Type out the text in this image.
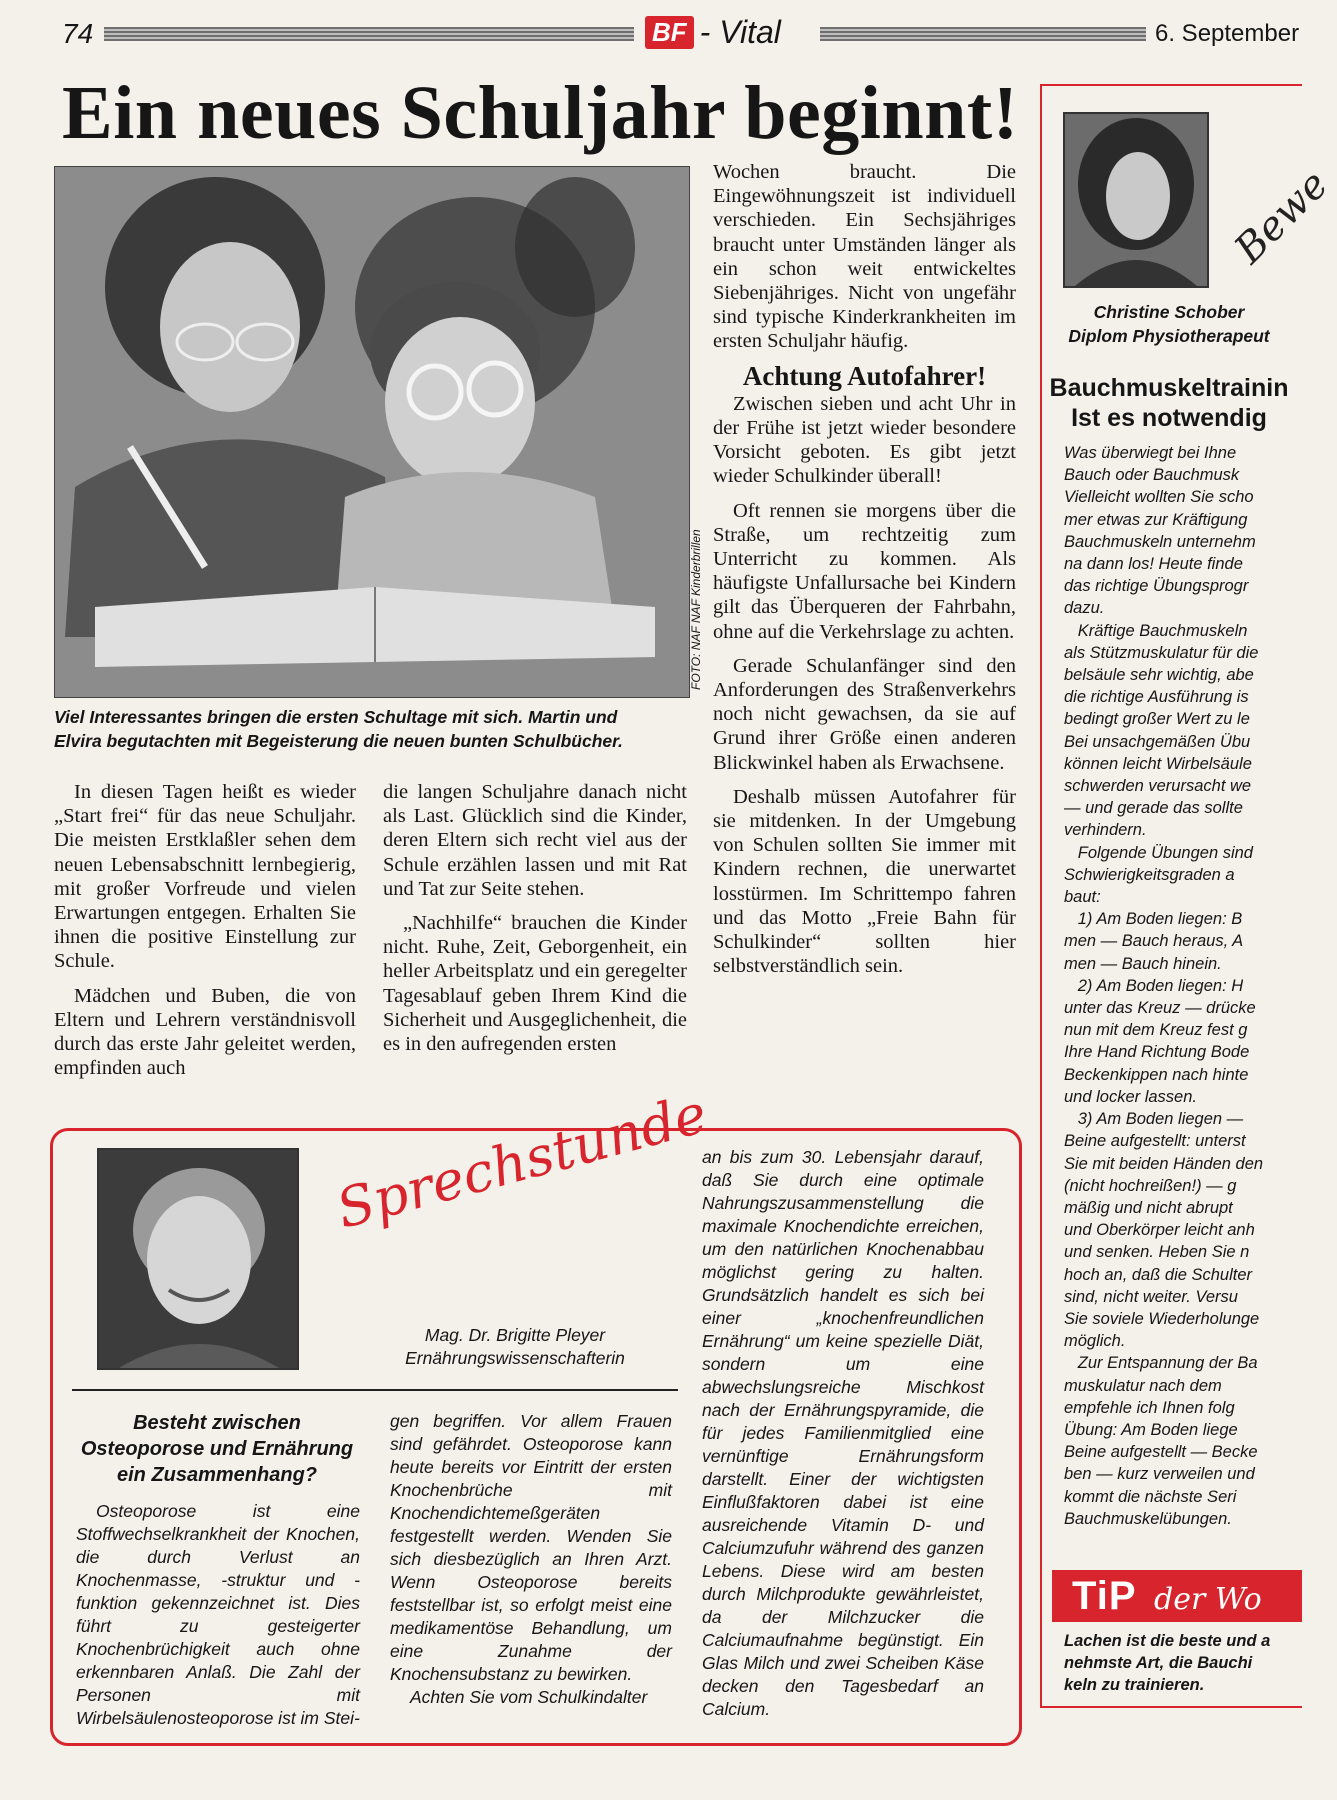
74	BF - Vital	6. September
Ein neues Schuljahr beginnt!
FOTO: NAF NAF Kinderbrillen
Viel Interessantes bringen die ersten Schultage mit sich. Martin und
Elvira begutachten mit Begeisterung die neuen bunten Schulbücher.

In diesen Tagen heißt es wieder „Start frei“ für das neue Schuljahr. Die meisten Erstklaßler sehen dem neuen Lebensabschnitt lernbegierig, mit großer Vorfreude und vielen Erwartungen entgegen. Erhalten Sie ihnen die positive Einstellung zur Schule.

Mädchen und Buben, die von Eltern und Lehrern verständnisvoll durch das erste Jahr geleitet werden, empfinden auch

die langen Schuljahre danach nicht als Last. Glücklich sind die Kinder, deren Eltern sich recht viel aus der Schule erzählen lassen und mit Rat und Tat zur Seite stehen.

„Nachhilfe“ brauchen die Kinder nicht. Ruhe, Zeit, Geborgenheit, ein heller Arbeitsplatz und ein geregelter Tagesablauf geben Ihrem Kind die Sicherheit und Ausgeglichenheit, die es in den aufregenden ersten

Wochen braucht. Die Eingewöhnungszeit ist individuell verschieden. Ein Sechsjähriges braucht unter Umständen länger als ein schon weit entwickeltes Siebenjähriges. Nicht von ungefähr sind typische Kinderkrankheiten im ersten Schuljahr häufig.

Achtung Autofahrer!

Zwischen sieben und acht Uhr in der Frühe ist jetzt wieder besondere Vorsicht geboten. Es gibt jetzt wieder Schulkinder überall!

Oft rennen sie morgens über die Straße, um rechtzeitig zum Unterricht zu kommen. Als häufigste Unfallursache bei Kindern gilt das Überqueren der Fahrbahn, ohne auf die Verkehrslage zu achten.

Gerade Schulanfänger sind den Anforderungen des Straßenverkehrs noch nicht gewachsen, da sie auf Grund ihrer Größe einen anderen Blickwinkel haben als Erwachsene.

Deshalb müssen Autofahrer für sie mitdenken. In der Umgebung von Schulen sollten Sie immer mit Kindern rechnen, die unerwartet losstürmen. Im Schrittempo fahren und das Motto „Freie Bahn für Schulkinder“ sollten hier selbstverständlich sein.

Bewe
Christine Schober
Diplom Physiotherapeut
Bauchmuskeltrainin
Ist es notwendig
Was überwiegt bei Ihne
Bauch oder Bauchmusk
Vielleicht wollten Sie scho
mer etwas zur Kräftigung
Bauchmuskeln unternehm
na dann los! Heute finde
das richtige Übungsprogr
dazu.
Kräftige Bauchmuskeln
als Stützmuskulatur für die
belsäule sehr wichtig, abe
die richtige Ausführung is
bedingt großer Wert zu le
Bei unsachgemäßen Übu
können leicht Wirbelsäule
schwerden verursacht we
— und gerade das sollte
verhindern.
Folgende Übungen sind
Schwierigkeitsgraden a
baut:
1) Am Boden liegen: B
men — Bauch heraus, A
men — Bauch hinein.
2) Am Boden liegen: H
unter das Kreuz — drücke
nun mit dem Kreuz fest g
Ihre Hand Richtung Bode
Beckenkippen nach hinte
und locker lassen.
3) Am Boden liegen —
Beine aufgestellt: unterst
Sie mit beiden Händen den
(nicht hochreißen!) — g
mäßig und nicht abrupt
und Oberkörper leicht anh
und senken. Heben Sie n
hoch an, daß die Schulter
sind, nicht weiter. Versu
Sie soviele Wiederholunge
möglich.
Zur Entspannung der Ba
muskulatur nach dem
empfehle ich Ihnen folg
Übung: Am Boden liege
Beine aufgestellt — Becke
ben — kurz verweilen und
kommt die nächste Seri
Bauchmuskelübungen.
TiP der Wo
Lachen ist die beste und a
nehmste Art, die Bauchi
keln zu trainieren.
Sprechstunde
Mag. Dr. Brigitte Pleyer
Ernährungswissenschafterin
Besteht zwischen Osteoporose und Ernährung ein Zusammenhang?

Osteoporose ist eine Stoffwechselkrankheit der Knochen, die durch Verlust an Knochenmasse, -struktur und -funktion gekennzeichnet ist. Dies führt zu gesteigerter Knochenbrüchigkeit auch ohne erkennbaren Anlaß. Die Zahl der Personen mit Wirbelsäulenosteoporose ist im Stei-

gen begriffen. Vor allem Frauen sind gefährdet. Osteoporose kann heute bereits vor Eintritt der ersten Knochenbrüche mit Knochendichtemeßgeräten festgestellt werden. Wenden Sie sich diesbezüglich an Ihren Arzt. Wenn Osteoporose bereits feststellbar ist, so erfolgt meist eine medikamentöse Behandlung, um eine Zunahme der Knochensubstanz zu bewirken.

Achten Sie vom Schulkindalter

an bis zum 30. Lebensjahr darauf, daß Sie durch eine optimale Nahrungszusammenstellung die maximale Knochendichte erreichen, um den natürlichen Knochenabbau möglichst gering zu halten. Grundsätzlich handelt es sich bei einer „knochenfreundlichen Ernährung“ um keine spezielle Diät, sondern um eine abwechslungsreiche Mischkost nach der Ernährungspyramide, die für jedes Familienmitglied eine vernünftige Ernährungsform darstellt. Einer der wichtigsten Einflußfaktoren dabei ist eine ausreichende Vitamin D- und Calciumzufuhr während des ganzen Lebens. Diese wird am besten durch Milchprodukte gewährleistet, da der Milchzucker die Calciumaufnahme begünstigt. Ein Glas Milch und zwei Scheiben Käse decken den Tagesbedarf an Calcium.
